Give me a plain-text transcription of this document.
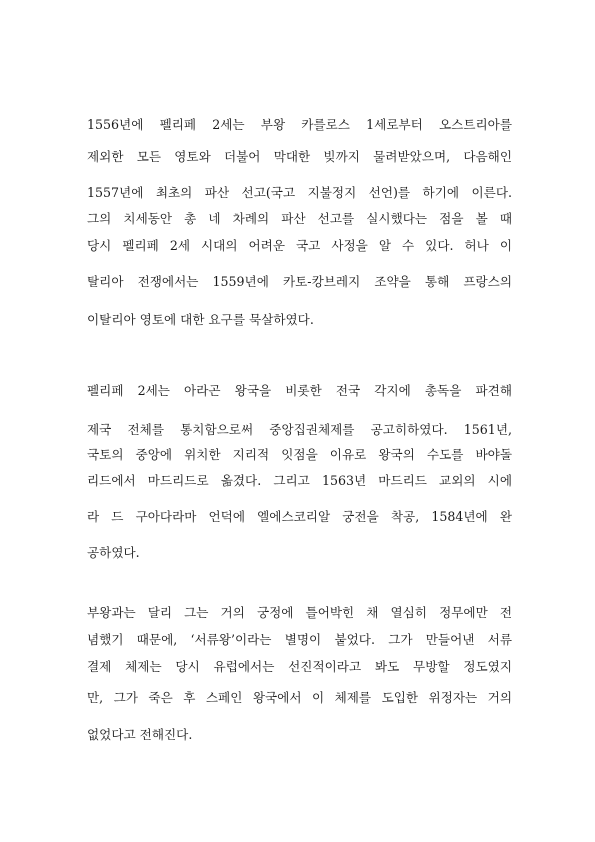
1556년에 펠리페 2세는 부왕 카를로스 1세로부터 오스트리아를

제외한 모든 영토와 더불어 막대한 빚까지 물려받았으며, 다음해인

1557년에 최초의 파산 선고(국고 지불정지 선언)를 하기에 이른다.

그의 치세동안 총 네 차례의 파산 선고를 실시했다는 점을 볼 때

당시 펠리페 2세 시대의 어려운 국고 사정을 알 수 있다. 허나 이

탈리아 전쟁에서는 1559년에 카토-캉브레지 조약을 통해 프랑스의

이탈리아 영토에 대한 요구를 묵살하였다.

펠리페 2세는 아라곤 왕국을 비롯한 전국 각지에 총독을 파견해

제국 전체를 통치함으로써 중앙집권체제를 공고히하였다. 1561년,

국토의 중앙에 위치한 지리적 잇점을 이유로 왕국의 수도를 바야돌

리드에서 마드리드로 옮겼다. 그리고 1563년 마드리드 교외의 시에

라 드 구아다라마 언덕에 엘에스코리알 궁전을 착공, 1584년에 완

공하였다.

부왕과는 달리 그는 거의 궁정에 틀어박힌 채 열심히 정무에만 전

념했기 때문에, ‘서류왕’이라는 별명이 붙었다. 그가 만들어낸 서류

결제 체제는 당시 유럽에서는 선진적이라고 봐도 무방할 정도였지

만, 그가 죽은 후 스페인 왕국에서 이 체제를 도입한 위정자는 거의

없었다고 전해진다.
